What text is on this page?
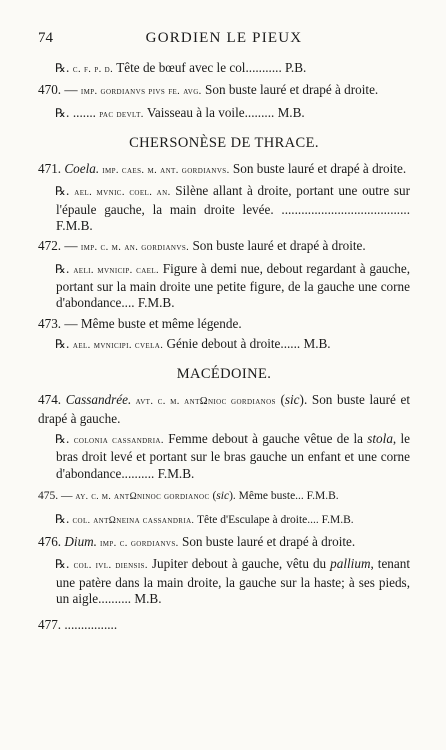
74	GORDIEN LE PIEUX
℞. c. f. p. d. Tête de bœuf avec le col........... P.B.
470. — imp. gordianvs pivs fe. avg. Son buste lauré et drapé à droite.
℞. ....... pac devlt. Vaisseau à la voile......... M.B.
CHERSONÈSE DE THRACE.
471. Coela. imp. caes. m. ant. gordianvs. Son buste lauré et drapé à droite.
℞. ael. mvnic. coel. an. Silène allant à droite, portant une outre sur l'épaule gauche, la main droite levée. ....................................... F.M.B.
472. — imp. c. m. an. gordianvs. Son buste lauré et drapé à droite.
℞. aeli. mvnicip. cael. Figure à demi nue, debout regardant à gauche, portant sur la main droite une petite figure, de la gauche une corne d'abondance.... F.M.B.
473. — Même buste et même légende.
℞. ael. mvnicipi. cvela. Génie debout à droite...... M.B.
MACÉDOINE.
474. Cassandrée. avt. c. m. antΩnioc gordianos (sic). Son buste lauré et drapé à gauche.
℞. colonia cassandria. Femme debout à gauche vêtue de la stola, le bras droit levé et portant sur le bras gauche un enfant et une corne d'abondance.......... F.M.B.
475. — ay. c. m. antΩninoc gordianoc (sic). Même buste... F.M.B.
℞. col. antΩnεina cassandria. Tête d'Esculape à droite.... F.M.B.
476. Dium. imp. c. gordianvs. Son buste lauré et drapé à droite.
℞. col. ivl. diensis. Jupiter debout à gauche, vêtu du pallium, tenant une patère dans la main droite, la gauche sur la haste; à ses pieds, un aigle.......... M.B.
477. ................
